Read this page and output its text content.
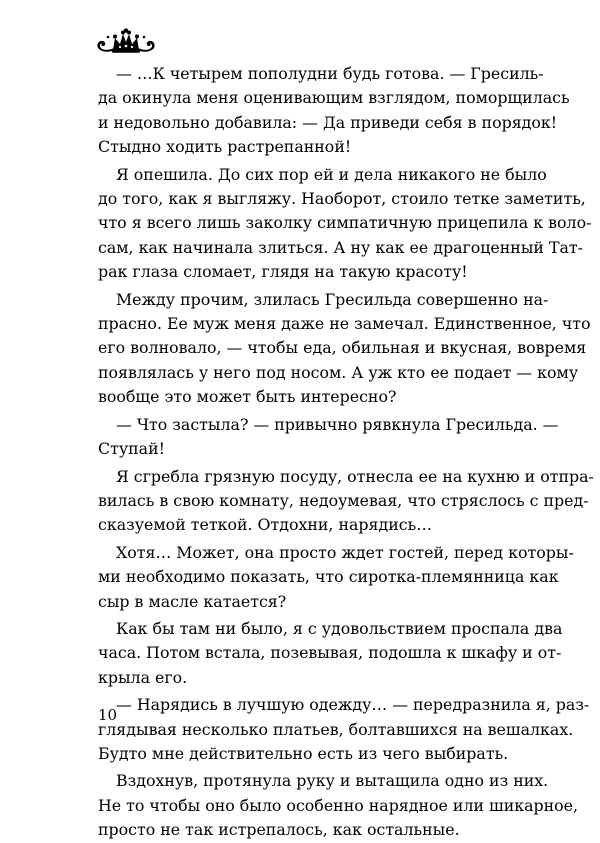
— …К четырем пополудни будь готова. — Гресиль-
да окинула меня оценивающим взглядом, поморщилась
и недовольно добавила: — Да приведи себя в порядок!
Стыдно ходить растрепанной!

Я опешила. До сих пор ей и дела никакого не было
до того, как я выгляжу. Наоборот, стоило тетке заметить,
что я всего лишь заколку симпатичную прицепила к воло-
сам, как начинала злиться. А ну как ее драгоценный Тат-
рак глаза сломает, глядя на такую красоту!

Между прочим, злилась Гресильда совершенно на-
прасно. Ее муж меня даже не замечал. Единственное, что
его волновало, — чтобы еда, обильная и вкусная, вовремя
появлялась у него под носом. А уж кто ее подает — кому
вообще это может быть интересно?

— Что застыла? — привычно рявкнула Гресильда. —
Ступай!

Я сгребла грязную посуду, отнесла ее на кухню и отпра-
вилась в свою комнату, недоумевая, что стряслось с пред-
сказуемой теткой. Отдохни, нарядись…

Хотя… Может, она просто ждет гостей, перед которы-
ми необходимо показать, что сиротка-племянница как
сыр в масле катается?

Как бы там ни было, я с удовольствием проспала два
часа. Потом встала, позевывая, подошла к шкафу и от-
крыла его.

— Нарядись в лучшую одежду… — передразнила я, раз-
глядывая несколько платьев, болтавшихся на вешалках.
Будто мне действительно есть из чего выбирать.

Вздохнув, протянула руку и вытащила одно из них.
Не то чтобы оно было особенно нарядное или шикарное,
просто не так истрепалось, как остальные.

10
